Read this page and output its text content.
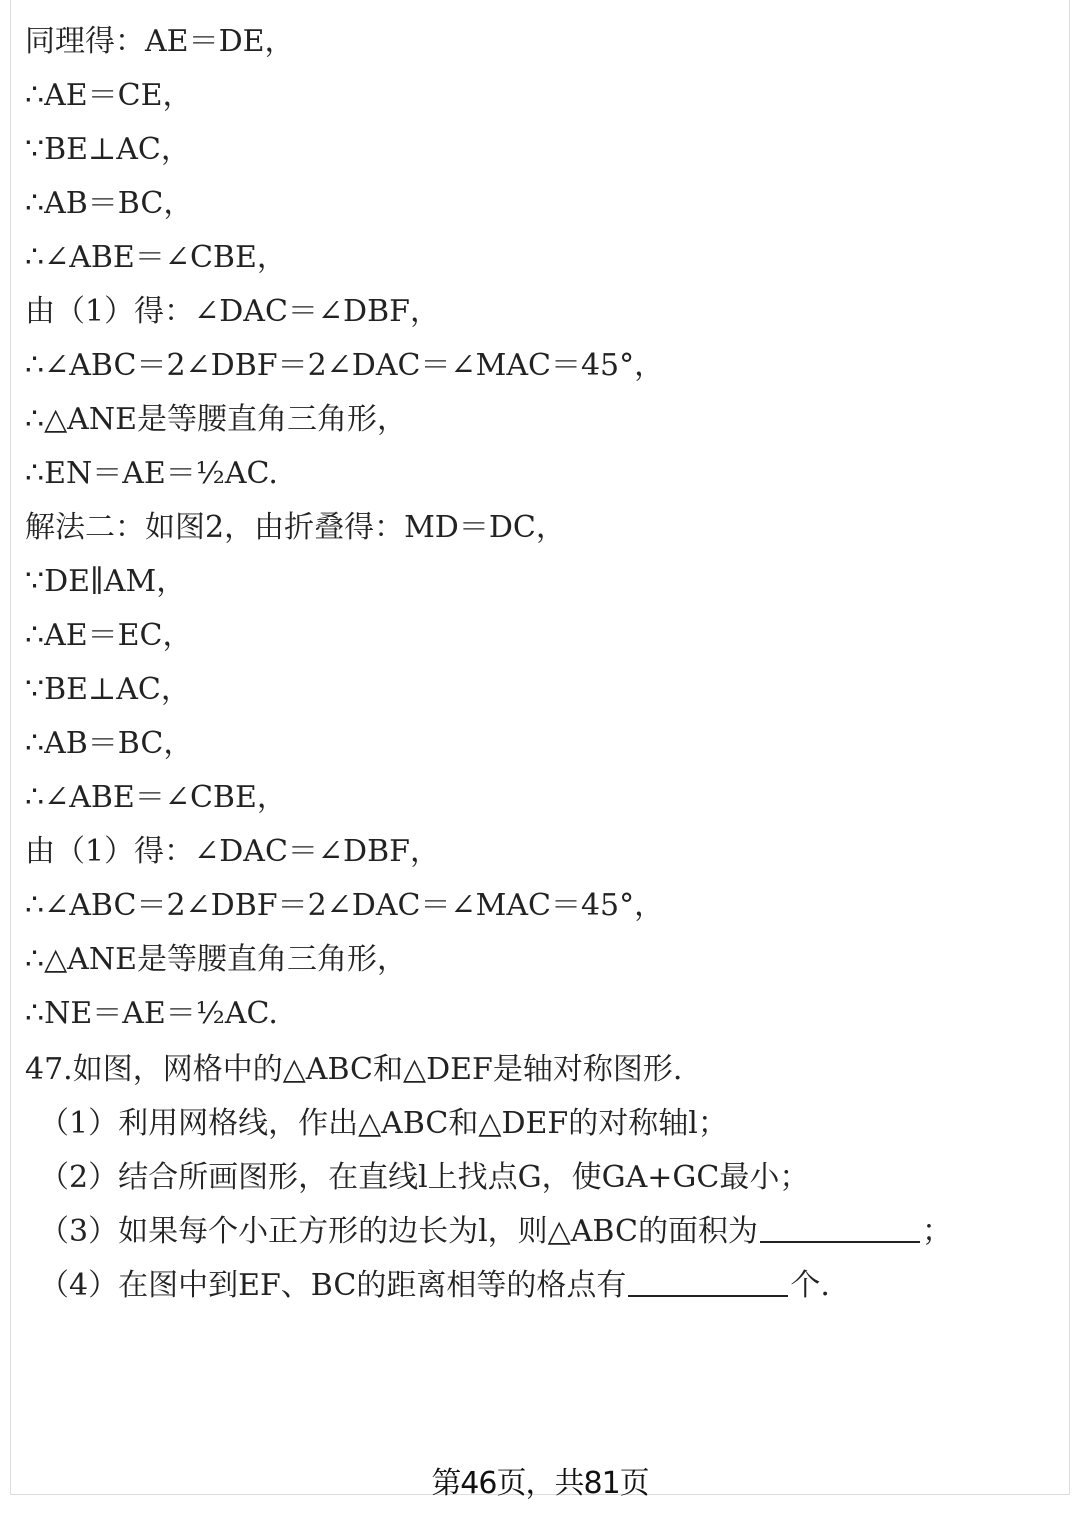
同理得：AE＝DE，
∴AE＝CE，
∵BE⊥AC，
∴AB＝BC，
∴∠ABE＝∠CBE，
由（1）得：∠DAC＝∠DBF，
∴∠ABC＝2∠DBF＝2∠DAC＝∠MAC＝45°，
∴△ANE是等腰直角三角形，
∴EN＝AE＝½AC.
解法二：如图2，由折叠得：MD＝DC，
∵DE∥AM，
∴AE＝EC，
∵BE⊥AC，
∴AB＝BC，
∴∠ABE＝∠CBE，
由（1）得：∠DAC＝∠DBF，
∴∠ABC＝2∠DBF＝2∠DAC＝∠MAC＝45°，
∴△ANE是等腰直角三角形，
∴NE＝AE＝½AC.
47.如图，网格中的△ABC和△DEF是轴对称图形.
（1）利用网格线，作出△ABC和△DEF的对称轴l；
（2）结合所画图形，在直线l上找点G，使GA+GC最小；
（3）如果每个小正方形的边长为l，则△ABC的面积为	；
（4）在图中到EF、BC的距离相等的格点有	个.
第46页，共81页
